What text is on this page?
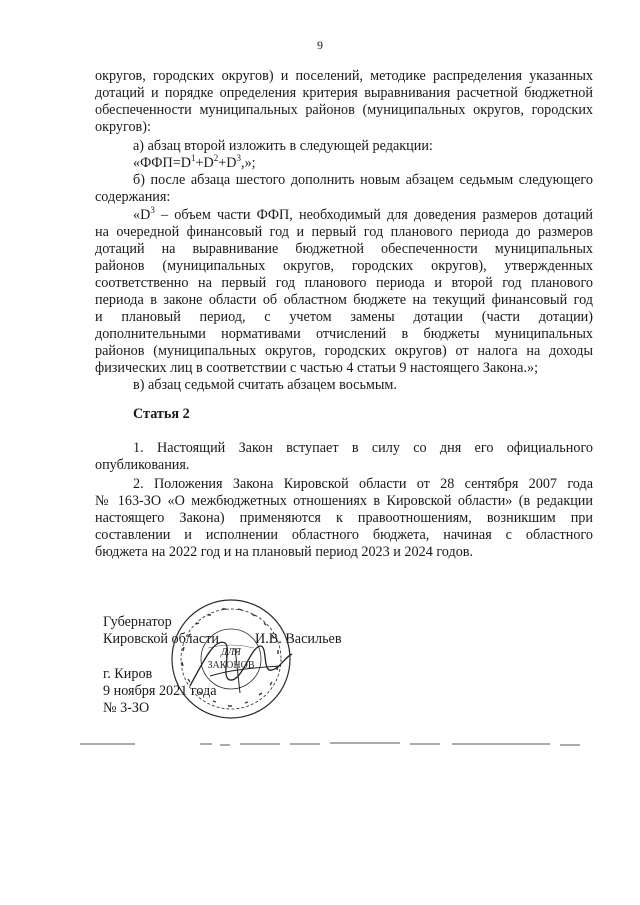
9
округов, городских округов) и поселений, методике распределения указанных
дотаций и порядке определения критерия выравнивания расчетной бюджетной
обеспеченности муниципальных районов (муниципальных округов, городских
округов):
а) абзац второй изложить в следующей редакции:
«$ФФП=D^1+D^2+D^3$,»;
б) после абзаца шестого дополнить новым абзацем седьмым следующего
содержания:
«$D^3$ – объем части ФФП, необходимый для доведения размеров дотаций
на очередной финансовый год и первый год планового периода до размеров
дотаций на выравнивание бюджетной обеспеченности муниципальных
районов (муниципальных округов, городских округов), утвержденных
соответственно на первый год планового периода и второй год планового
периода в законе области об областном бюджете на текущий финансовый год
и плановый период, с учетом замены дотации (части дотации)
дополнительными нормативами отчислений в бюджеты муниципальных
районов (муниципальных округов, городских округов) от налога на доходы
физических лиц в соответствии с частью 4 статьи 9 настоящего Закона.»;
в) абзац седьмой считать абзацем восьмым.
Статья 2
1. Настоящий Закон вступает в силу со дня его официального
опубликования.
2. Положения Закона Кировской области от 28 сентября 2007 года
№ 163-ЗО «О межбюджетных отношениях в Кировской области» (в редакции
настоящего Закона) применяются к правоотношениям, возникшим при
составлении и исполнении областного бюджета, начиная с областного
бюджета на 2022 год и на плановый период 2023 и 2024 годов.
Губернатор
Кировской области	И.В. Васильев
г. Киров
9 ноября 2021 года
№ 3-ЗО
ДЛЯ
ЗАКОНОВ
